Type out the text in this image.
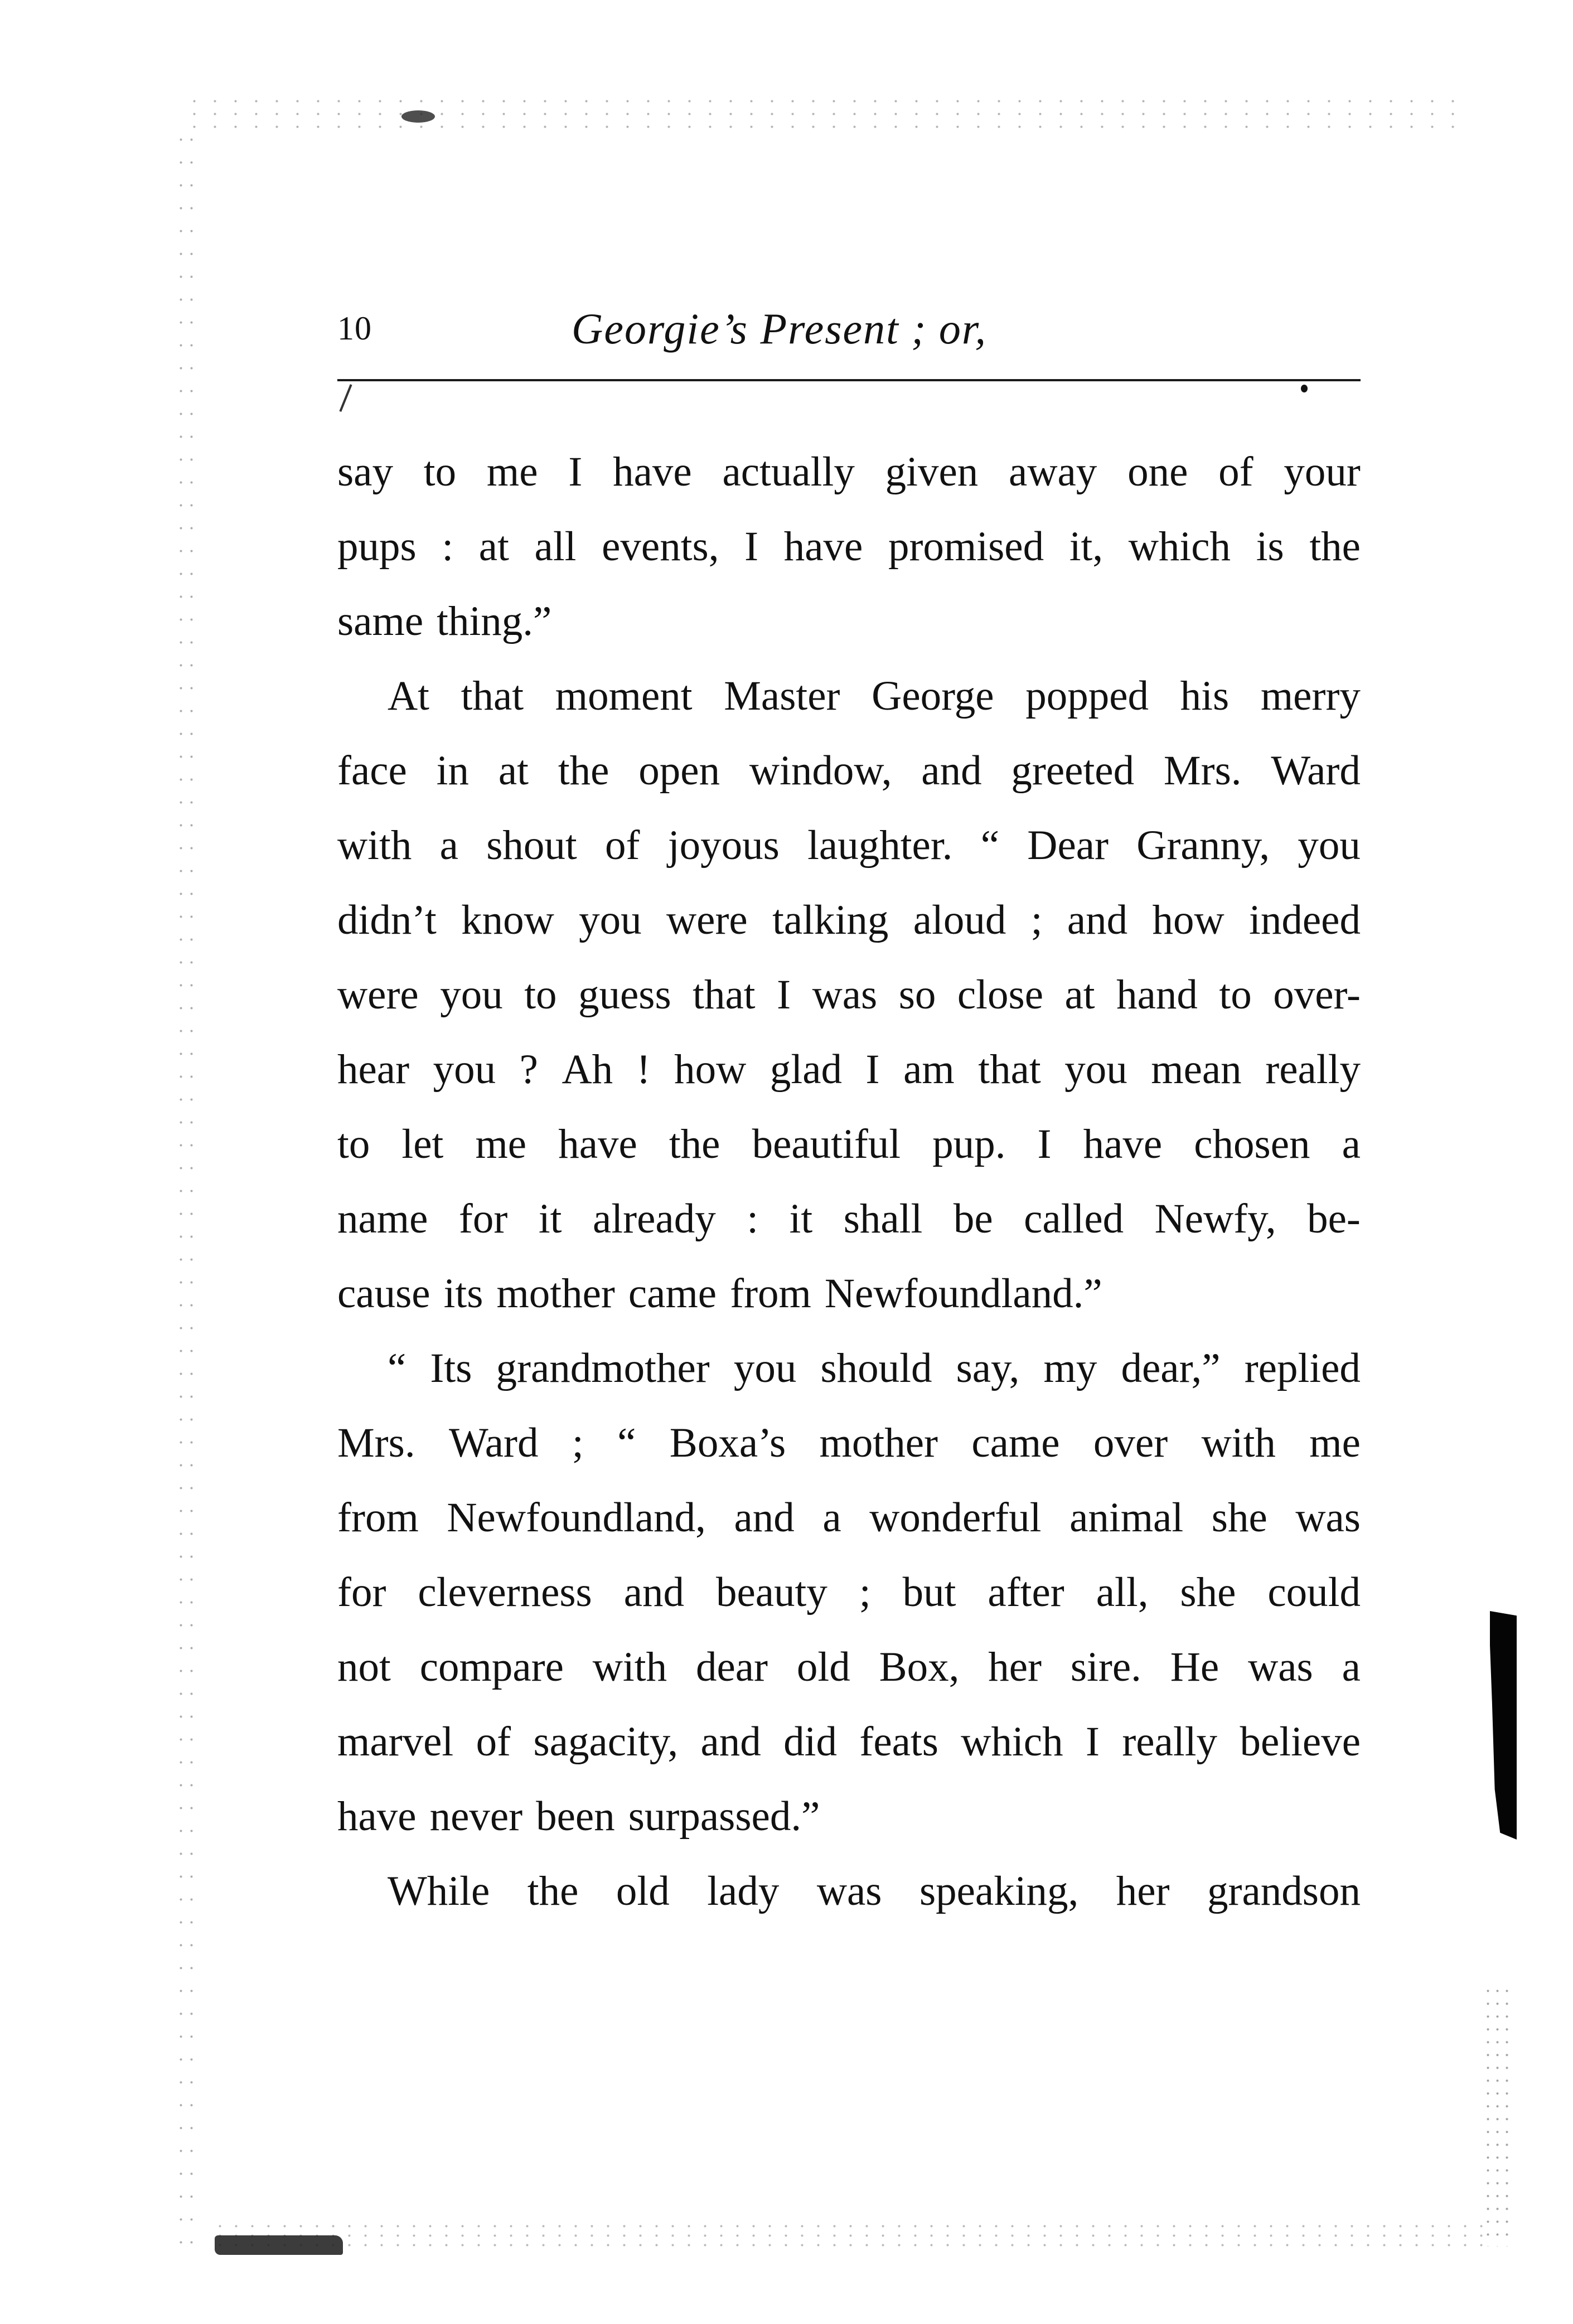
10	Georgie’s Present ; or,
say to me I have actually given away one of your
pups : at all events, I have promised it, which is the
same thing.”
At that moment Master George popped his merry
face in at the open window, and greeted Mrs. Ward
with a shout of joyous laughter. “ Dear Granny, you
didn’t know you were talking aloud ; and how indeed
were you to guess that I was so close at hand to over-
hear you ? Ah ! how glad I am that you mean really
to let me have the beautiful pup. I have chosen a
name for it already : it shall be called Newfy, be-
cause its mother came from Newfoundland.”
“ Its grandmother you should say, my dear,” replied
Mrs. Ward ; “ Boxa’s mother came over with me
from Newfoundland, and a wonderful animal she was
for cleverness and beauty ; but after all, she could
not compare with dear old Box, her sire. He was a
marvel of sagacity, and did feats which I really believe
have never been surpassed.”
While the old lady was speaking, her grandson
